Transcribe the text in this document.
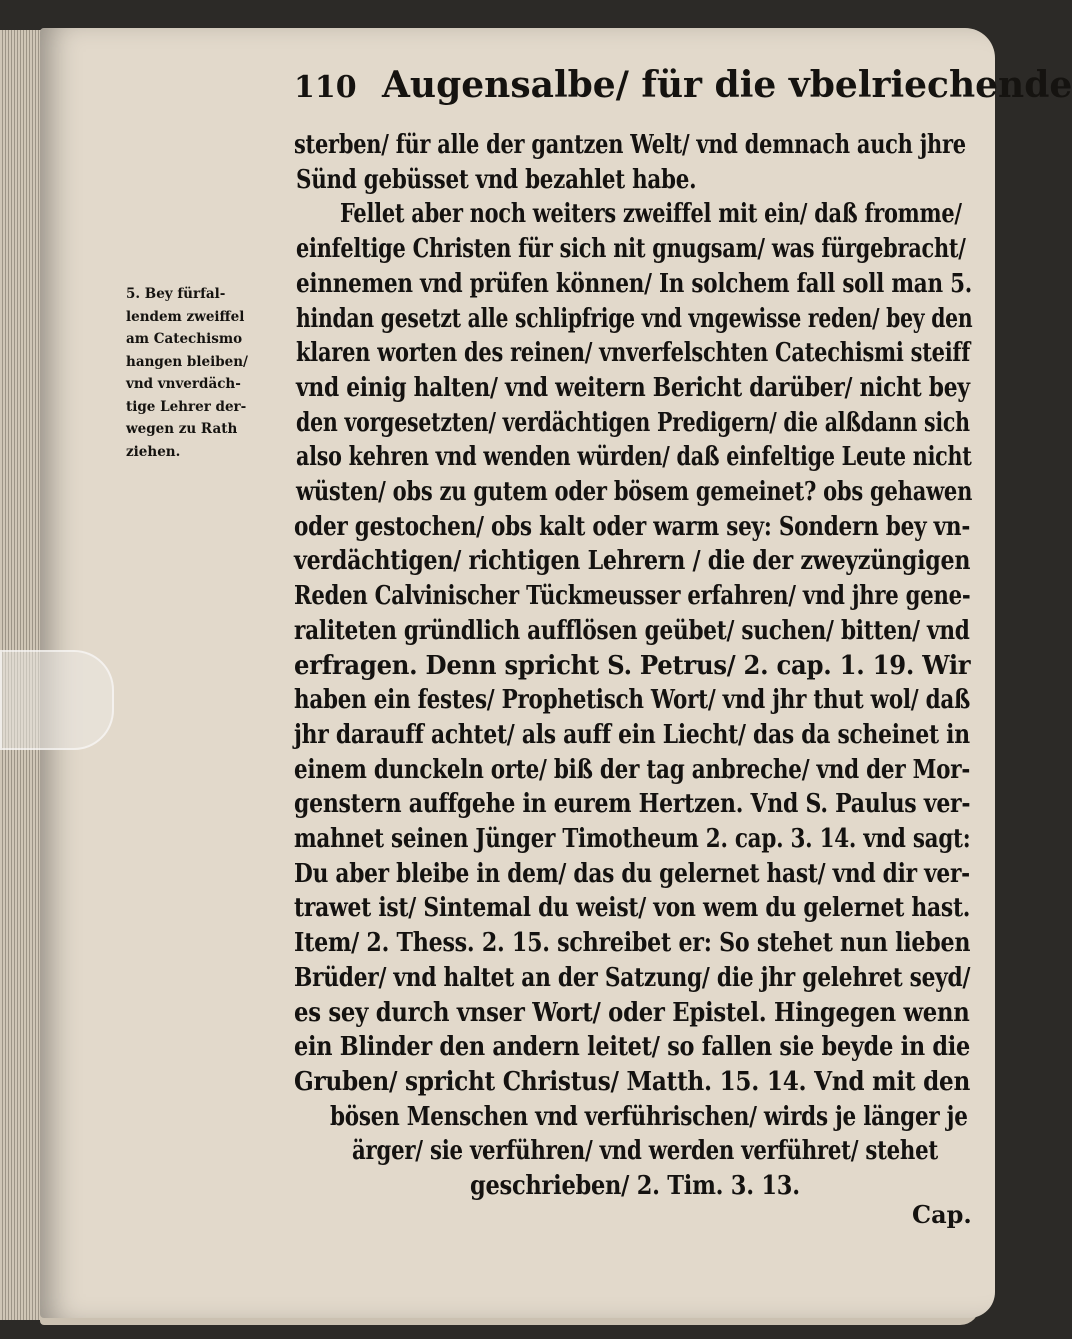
110 Augensalbe/ für die vbelriechende
sterben/ für alle der gantzen Welt/ vnd demnach auch jhre
Sünd gebüsset vnd bezahlet habe.
Fellet aber noch weiters zweiffel mit ein/ daß fromme/
einfeltige Christen für sich nit gnugsam/ was fürgebracht/
einnemen vnd prüfen können/ In solchem fall soll man 5.
hindan gesetzt alle schlipfrige vnd vngewisse reden/ bey den
klaren worten des reinen/ vnverfelschten Catechismi steiff
vnd einig halten/ vnd weitern Bericht darüber/ nicht bey
den vorgesetzten/ verdächtigen Predigern/ die alßdann sich
also kehren vnd wenden würden/ daß einfeltige Leute nicht
wüsten/ obs zu gutem oder bösem gemeinet? obs gehawen
oder gestochen/ obs kalt oder warm sey: Sondern bey vn-
verdächtigen/ richtigen Lehrern / die der zweyzüngigen
Reden Calvinischer Tückmeusser erfahren/ vnd jhre gene-
raliteten gründlich aufflösen geübet/ suchen/ bitten/ vnd
erfragen. Denn spricht S. Petrus/ 2. cap. 1. 19. Wir
haben ein festes/ Prophetisch Wort/ vnd jhr thut wol/ daß
jhr darauff achtet/ als auff ein Liecht/ das da scheinet in
einem dunckeln orte/ biß der tag anbreche/ vnd der Mor-
genstern auffgehe in eurem Hertzen. Vnd S. Paulus ver-
mahnet seinen Jünger Timotheum 2. cap. 3. 14. vnd sagt:
Du aber bleibe in dem/ das du gelernet hast/ vnd dir ver-
trawet ist/ Sintemal du weist/ von wem du gelernet hast.
Item/ 2. Thess. 2. 15. schreibet er: So stehet nun lieben
Brüder/ vnd haltet an der Satzung/ die jhr gelehret seyd/
es sey durch vnser Wort/ oder Epistel. Hingegen wenn
ein Blinder den andern leitet/ so fallen sie beyde in die
Gruben/ spricht Christus/ Matth. 15. 14. Vnd mit den
bösen Menschen vnd verführischen/ wirds je länger je
ärger/ sie verführen/ vnd werden verführet/ stehet
geschrieben/ 2. Tim. 3. 13.
5. Bey fürfal-
lendem zweiffel
am Catechismo
hangen bleiben/
vnd vnverdäch-
tige Lehrer der-
wegen zu Rath
ziehen.
Cap.
